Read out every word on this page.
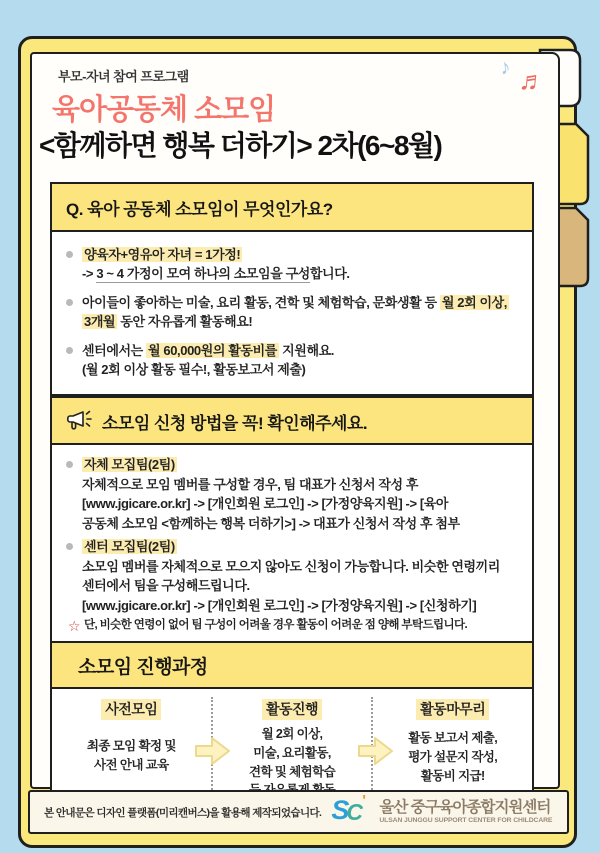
부모-자녀 참여 프로그램
육아공동체 소모임
<함께하면 행복 더하기> 2차(6~8월)
♪ ♬
Q. 육아 공동체 소모임이 무엇인가요?
양육자+영유아 자녀 = 1가정!
-> 3 ~ 4 가정이 모여 하나의 소모임을 구성합니다.
아이들이 좋아하는 미술, 요리 활동, 견학 및 체험학습, 문화생활 등 월 2회 이상,
3개월 동안 자유롭게 활동해요!
센터에서는 월 60,000원의 활동비를 지원해요.
(월 2회 이상 활동 필수!, 활동보고서 제출)
소모임 신청 방법을 꼭! 확인해주세요.
자체 모집팀(2팀)
자체적으로 모임 멤버를 구성할 경우, 팀 대표가 신청서 작성 후
[www.jgicare.or.kr] -> [개인회원 로그인] -> [가정양육지원] -> [육아
공동체 소모임 <함께하는 행복 더하기>] -> 대표가 신청서 작성 후 첨부
센터 모집팀(2팀)
소모임 멤버를 자체적으로 모으지 않아도 신청이 가능합니다. 비슷한 연령끼리
센터에서 팀을 구성해드립니다.
[www.jgicare.or.kr] -> [개인회원 로그인] -> [가정양육지원] -> [신청하기]
☆ 단, 비슷한 연령이 없어 팀 구성이 어려울 경우 활동이 어려운 점 양해 부탁드립니다.
소모임 진행과정
사전모임
최종 모임 확정 및
사전 안내 교육
활동진행
월 2회 이상,
미술, 요리활동,
견학 및 체험학습

활동마무리
활동 보고서 제출,
평가 설문지 작성,
활동비 지급!
본 안내문은 디자인 플랫폼(미리캔버스)을 활용해 제작되었습니다. S
C ' 울산 중구육아종합지원센터
ULSAN JUNGGU SUPPORT CENTER FOR CHILDCARE
